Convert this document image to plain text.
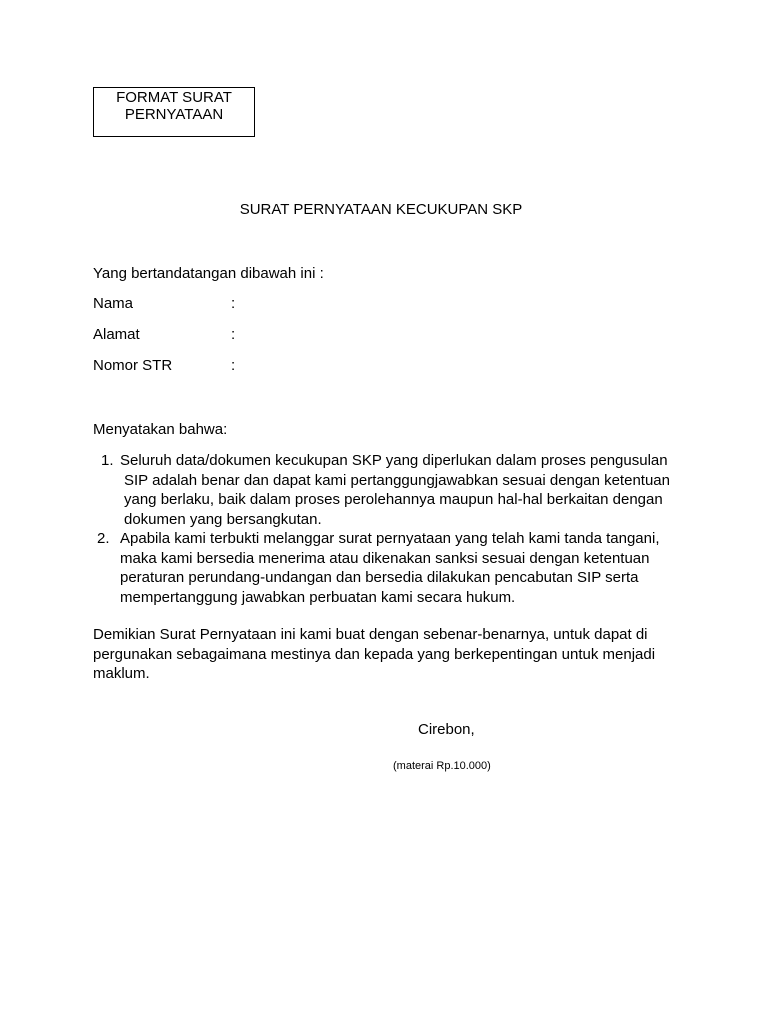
FORMAT SURAT
PERNYATAAN
SURAT PERNYATAAN KECUKUPAN SKP
Yang bertandatangan dibawah ini :
Nama	:
Alamat	:
Nomor STR	:
Menyatakan bahwa:
1. Seluruh data/dokumen kecukupan SKP yang diperlukan dalam proses pengusulan
SIP adalah benar dan dapat kami pertanggungjawabkan sesuai dengan ketentuan
yang berlaku, baik dalam proses perolehannya maupun hal-hal berkaitan dengan
dokumen yang bersangkutan.
2. Apabila kami terbukti melanggar surat pernyataan yang telah kami tanda tangani,
maka kami bersedia menerima atau dikenakan sanksi sesuai dengan ketentuan
peraturan perundang-undangan dan bersedia dilakukan pencabutan SIP serta
mempertanggung jawabkan perbuatan kami secara hukum.
Demikian Surat Pernyataan ini kami buat dengan sebenar-benarnya, untuk dapat di
pergunakan sebagaimana mestinya dan kepada yang berkepentingan untuk menjadi
maklum.
Cirebon,
(materai Rp.10.000)
